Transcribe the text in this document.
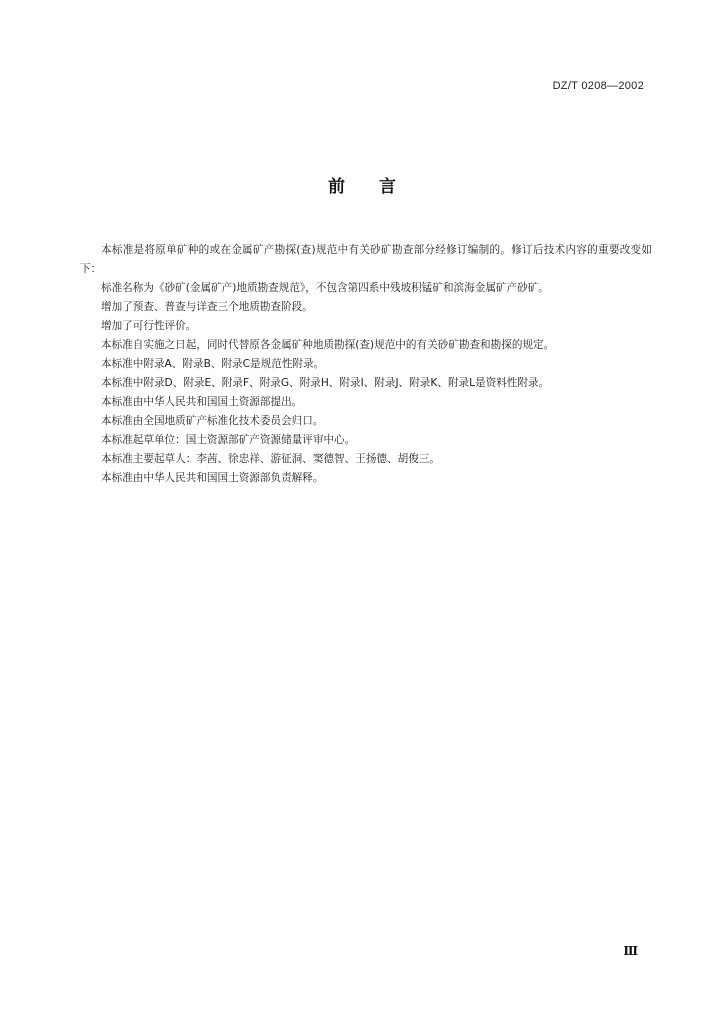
DZ/T 0208—2002
前言

本标准是将原单矿种的或在金属矿产勘探(查)规范中有关砂矿勘查部分经修订编制的。修订后技术内容的重要改变如下：

标准名称为《砂矿(金属矿产)地质勘查规范》，不包含第四系中残坡积锰矿和滨海金属矿产砂矿。

增加了预查、普查与详查三个地质勘查阶段。

增加了可行性评价。

本标准自实施之日起，同时代替原各金属矿种地质勘探(查)规范中的有关砂矿勘查和勘探的规定。

本标准中附录A、附录B、附录C是规范性附录。

本标准中附录D、附录E、附录F、附录G、附录H、附录I、附录J、附录K、附录L是资料性附录。

本标准由中华人民共和国国土资源部提出。

本标准由全国地质矿产标准化技术委员会归口。

本标准起草单位：国土资源部矿产资源储量评审中心。

本标准主要起草人：李茜、徐忠祥、游征洞、窦德智、王扬德、胡俊三。

本标准由中华人民共和国国土资源部负责解释。

Ⅲ
